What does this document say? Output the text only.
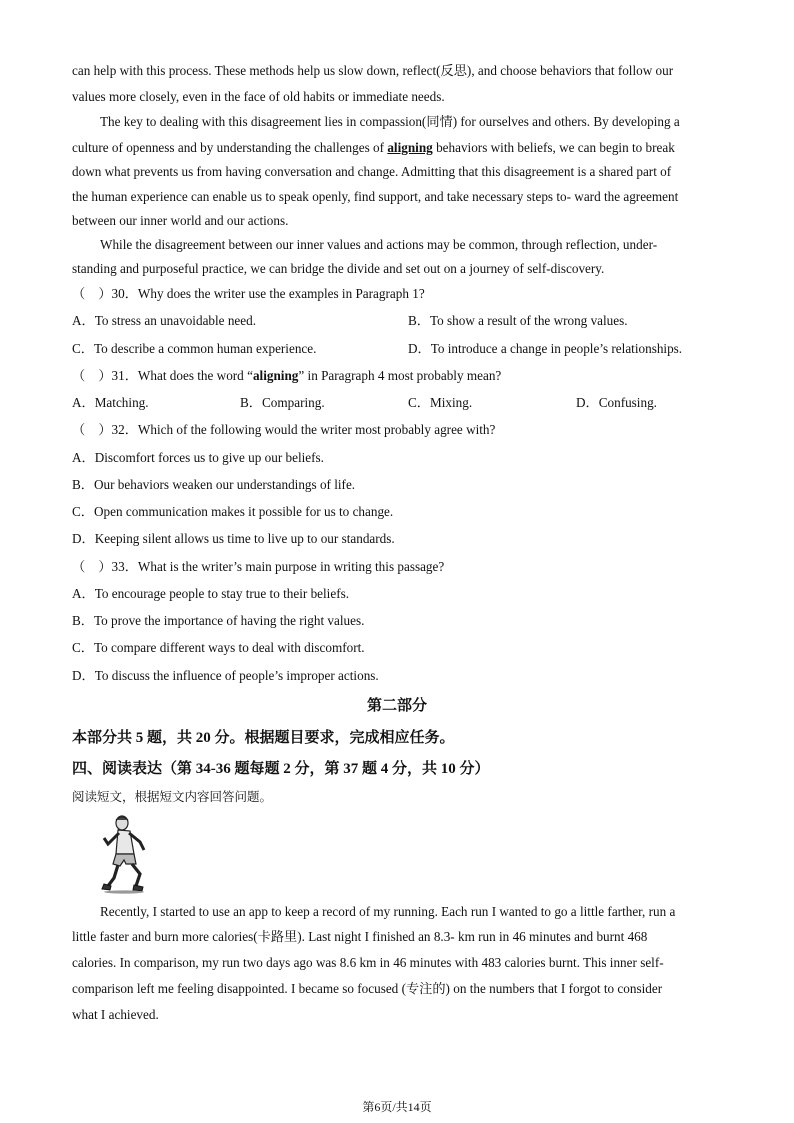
can help with this process. These methods help us slow down, reflect(反思), and choose behaviors that follow our
values more closely, even in the face of old habits or immediate needs.
The key to dealing with this disagreement lies in compassion(同情) for ourselves and others. By developing a
culture of openness and by understanding the challenges of aligning behaviors with beliefs, we can begin to break
down what prevents us from having conversation and change. Admitting that this disagreement is a shared part of
the human experience can enable us to speak openly, find support, and take necessary steps to- ward the agreement
between our inner world and our actions.
While the disagreement between our inner values and actions may be common, through reflection, under-
standing and purposeful practice, we can bridge the divide and set out on a journey of self-discovery.
（　）30．Why does the writer use the examples in Paragraph 1?
A．To stress an unavoidable need.	B．To show a result of the wrong values.
C．To describe a common human experience.	D．To introduce a change in people’s relationships.
（　）31．What does the word “aligning” in Paragraph 4 most probably mean?
A．Matching.	B．Comparing.	C．Mixing.	D．Confusing.
（　）32．Which of the following would the writer most probably agree with?
A．Discomfort forces us to give up our beliefs.
B．Our behaviors weaken our understandings of life.
C．Open communication makes it possible for us to change.
D．Keeping silent allows us time to live up to our standards.
（　）33．What is the writer’s main purpose in writing this passage?
A．To encourage people to stay true to their beliefs.
B．To prove the importance of having the right values.
C．To compare different ways to deal with discomfort.
D．To discuss the influence of people’s improper actions.
第二部分
本部分共 5 题，共 20 分。根据题目要求，完成相应任务。
四、阅读表达（第 34-36 题每题 2 分，第 37 题 4 分，共 10 分）
阅读短文，根据短文内容回答问题。
Recently, I started to use an app to keep a record of my running. Each run I wanted to go a little farther, run a
little faster and burn more calories(卡路里). Last night I finished an 8.3- km run in 46 minutes and burnt 468
calories. In comparison, my run two days ago was 8.6 km in 46 minutes with 483 calories burnt. This inner self-
comparison left me feeling disappointed. I became so focused (专注的) on the numbers that I forgot to consider
what I achieved.
第6页/共14页
